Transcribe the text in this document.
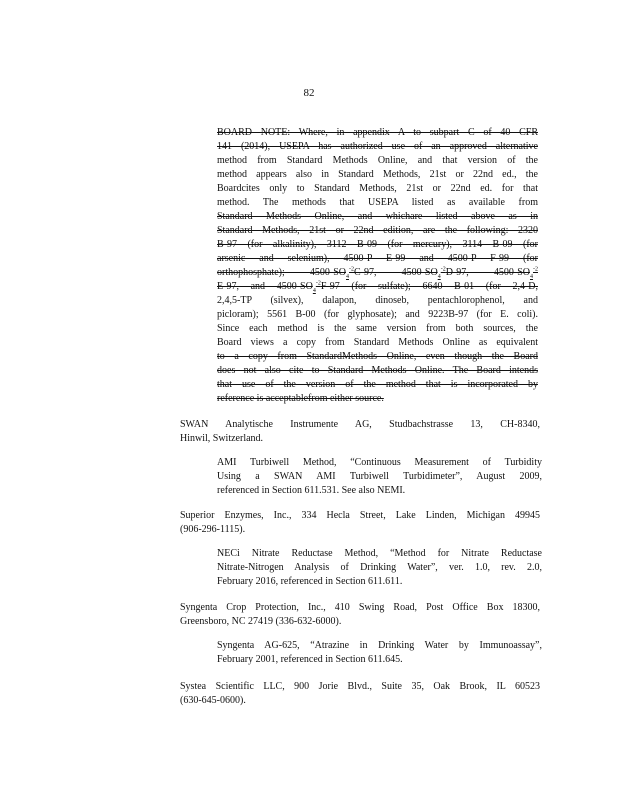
82
BOARD NOTE: Where, in appendix A to subpart C of 40 CFR
141 (2014), USEPA has authorized use of an approved alternative
method from Standard Methods Online, and that version of the
method appears also in Standard Methods, 21st or 22nd ed., the
Boardcites only to Standard Methods, 21st or 22nd ed. for that
method. The methods that USEPA listed as available from
Standard Methods Online, and whichare listed above as in
Standard Methods, 21st or 22nd edition, are the following: 2320
B-97 (for alkalinity), 3112 B-09 (for mercury), 3114 B-09 (for
arsenic and selenium), 4500-P E-99 and 4500-P F-99 (for
orthophosphate); $4500-SO_4^{-2}C-97$, $4500-SO_4^{-2}D-97$, $4500-SO_4^{-2}$
E-97, and $4500-SO_4^{-2}F-97$ (for sulfate); 6640 B-01 (for 2,4-D,
2,4,5-TP (silvex), dalapon, dinoseb, pentachlorophenol, and
picloram); 5561 B-00 (for glyphosate); and 9223B-97 (for E. coli).
Since each method is the same version from both sources, the
Board views a copy from Standard Methods Online as equivalent
to a copy from StandardMethods Online, even though the Board
does not also cite to Standard Methods Online. The Board intends
that use of the version of the method that is incorporated by
reference is acceptablefrom either source.
SWAN Analytische Instrumente AG, Studbachstrasse 13, CH-8340,
Hinwil, Switzerland.
AMI Turbiwell Method, “Continuous Measurement of Turbidity
Using a SWAN AMI Turbiwell Turbidimeter”, August 2009,
referenced in Section 611.531. See also NEMI.
Superior Enzymes, Inc., 334 Hecla Street, Lake Linden, Michigan 49945
(906-296-1115).
NECi Nitrate Reductase Method, “Method for Nitrate Reductase
Nitrate-Nitrogen Analysis of Drinking Water”, ver. 1.0, rev. 2.0,
February 2016, referenced in Section 611.611.
Syngenta Crop Protection, Inc., 410 Swing Road, Post Office Box 18300,
Greensboro, NC 27419 (336-632-6000).
Syngenta AG-625, “Atrazine in Drinking Water by Immunoassay”,
February 2001, referenced in Section 611.645.
Systea Scientific LLC, 900 Jorie Blvd., Suite 35, Oak Brook, IL 60523
(630-645-0600).
